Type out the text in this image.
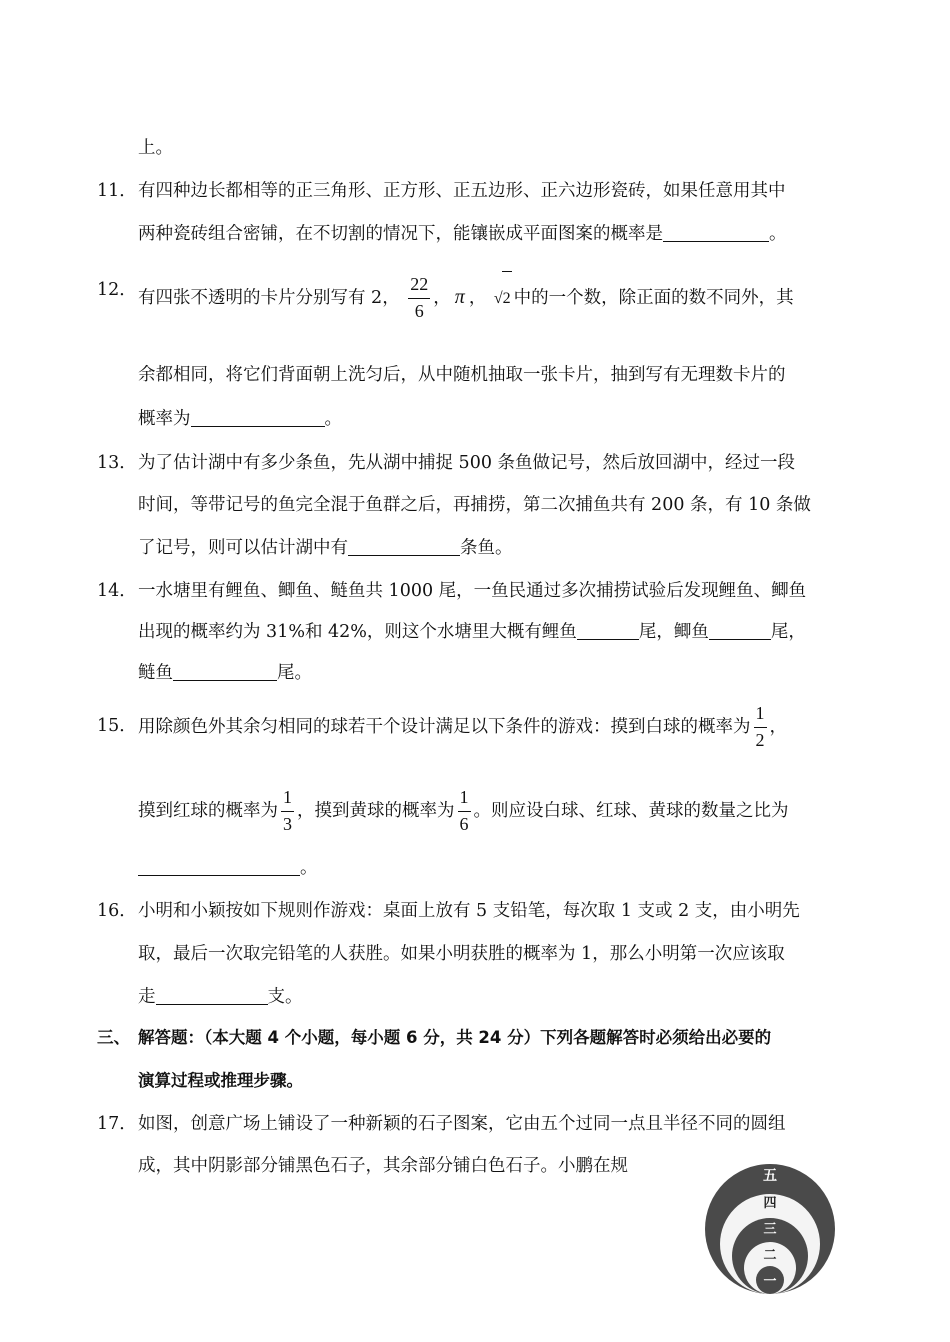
上。
11． 有四种边长都相等的正三角形、正方形、正五边形、正六边形瓷砖，如果任意用其中
两种瓷砖组合密铺，在不切割的情况下，能镶嵌成平面图案的概率是	。
12． 有四张不透明的卡片分别写有 2， $\frac{22}{6}$ ， π ， √2 中的一个数，除正面的数不同外，其
余都相同，将它们背面朝上洗匀后，从中随机抽取一张卡片，抽到写有无理数卡片的
概率为	。
13． 为了估计湖中有多少条鱼，先从湖中捕捉 500 条鱼做记号，然后放回湖中，经过一段
时间，等带记号的鱼完全混于鱼群之后，再捕捞，第二次捕鱼共有 200 条，有 10 条做
了记号，则可以估计湖中有	条鱼。
14． 一水塘里有鲤鱼、鲫鱼、鲢鱼共 1000 尾，一鱼民通过多次捕捞试验后发现鲤鱼、鲫鱼
出现的概率约为 31%和 42%，则这个水塘里大概有鲤鱼	尾，鲫鱼	尾，
鲢鱼	尾。
15． 用除颜色外其余匀相同的球若干个设计满足以下条件的游戏：摸到白球的概率为 $\frac{1}{2}$ ，
摸到红球的概率为 $\frac{1}{3}$ ，摸到黄球的概率为 $\frac{1}{6}$ 。则应设白球、红球、黄球的数量之比为
。
16． 小明和小颖按如下规则作游戏：桌面上放有 5 支铅笔，每次取 1 支或 2 支，由小明先
取，最后一次取完铅笔的人获胜。如果小明获胜的概率为 1，那么小明第一次应该取
走	支。
三、 解答题：（本大题 4 个小题，每小题 6 分，共 24 分）下列各题解答时必须给出必要的
演算过程或推理步骤。
17． 如图，创意广场上铺设了一种新颖的石子图案，它由五个过同一点且半径不同的圆组
成，其中阴影部分铺黑色石子，其余部分铺白色石子。小鹏在规	五
四
三
二
一
